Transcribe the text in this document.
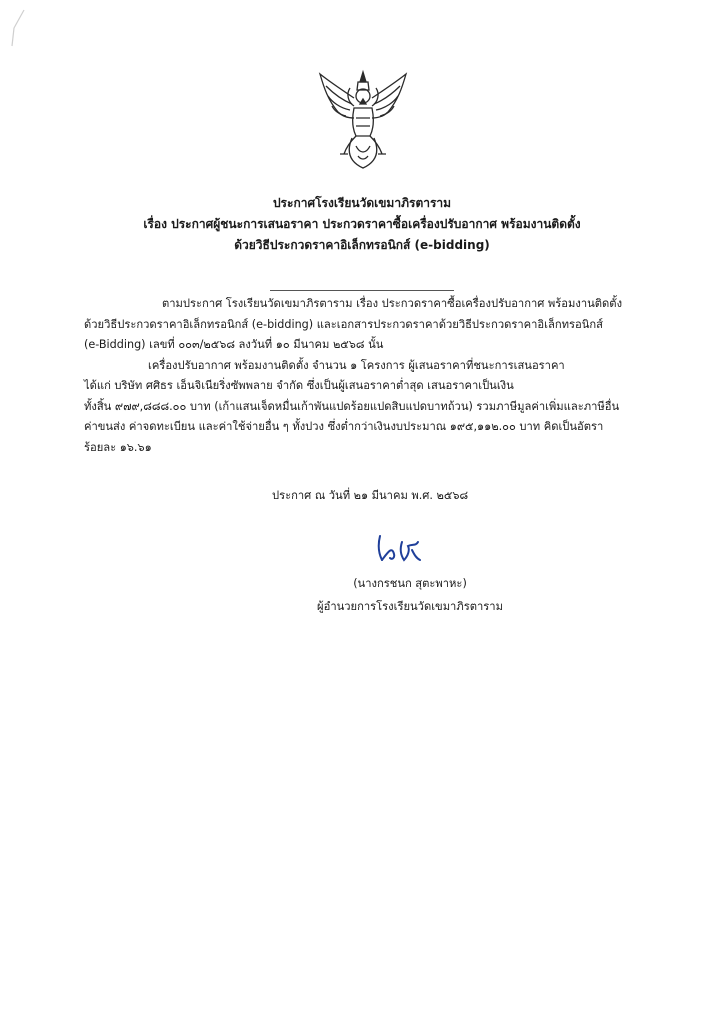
ประกาศโรงเรียนวัดเขมาภิรตาราม
เรื่อง ประกาศผู้ชนะการเสนอราคา ประกวดราคาซื้อเครื่องปรับอากาศ พร้อมงานติดตั้ง
ด้วยวิธีประกวดราคาอิเล็กทรอนิกส์ (e-bidding)
ตามประกาศ โรงเรียนวัดเขมาภิรตาราม เรื่อง ประกวดราคาซื้อเครื่องปรับอากาศ พร้อมงานติดตั้ง
ด้วยวิธีประกวดราคาอิเล็กทรอนิกส์ (e-bidding) และเอกสารประกวดราคาด้วยวิธีประกวดราคาอิเล็กทรอนิกส์
(e-Bidding) เลขที่ ๐๐๓/๒๕๖๘ ลงวันที่ ๑๐ มีนาคม ๒๕๖๘ นั้น
เครื่องปรับอากาศ พร้อมงานติดตั้ง จำนวน ๑ โครงการ ผู้เสนอราคาที่ชนะการเสนอราคา
ได้แก่ บริษัท ศศิธร เอ็นจิเนียริ่งซัพพลาย จำกัด ซึ่งเป็นผู้เสนอราคาต่ำสุด เสนอราคาเป็นเงิน
ทั้งสิ้น ๙๗๙,๘๘๘.๐๐ บาท (เก้าแสนเจ็ดหมื่นเก้าพันแปดร้อยแปดสิบแปดบาทถ้วน) รวมภาษีมูลค่าเพิ่มและภาษีอื่น
ค่าขนส่ง ค่าจดทะเบียน และค่าใช้จ่ายอื่น ๆ ทั้งปวง ซึ่งต่ำกว่าเงินงบประมาณ ๑๙๕,๑๑๒.๐๐ บาท คิดเป็นอัตรา
ร้อยละ ๑๖.๖๑
ประกาศ ณ วันที่ ๒๑ มีนาคม พ.ศ. ๒๕๖๘
(นางกรชนก สุตะพาหะ)
ผู้อำนวยการโรงเรียนวัดเขมาภิรตาราม
